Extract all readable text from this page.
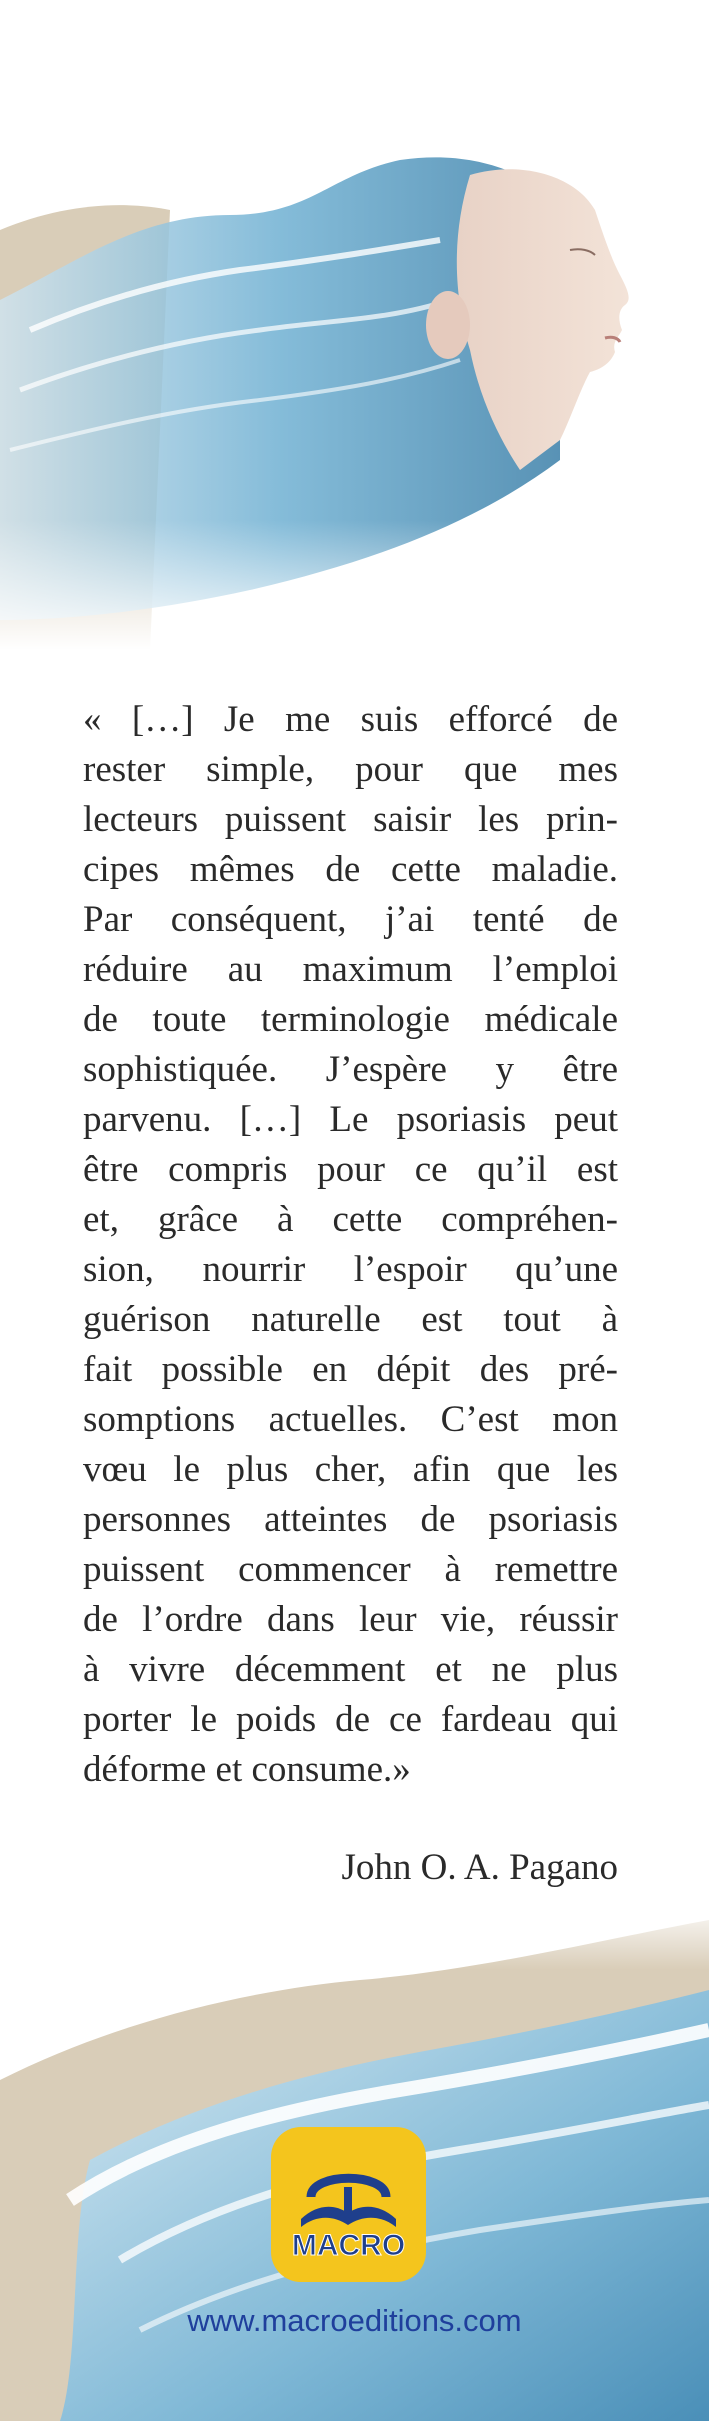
« […] Je me suis efforcé de
rester simple, pour que mes
lecteurs puissent saisir les prin-
cipes mêmes de cette maladie.
Par conséquent, j’ai tenté de
réduire au maximum l’emploi
de toute terminologie médicale
sophistiquée. J’espère y être
parvenu. […] Le psoriasis peut
être compris pour ce qu’il est
et, grâce à cette compréhen-
sion, nourrir l’espoir qu’une
guérison naturelle est tout à
fait possible en dépit des pré-
somptions actuelles. C’est mon
vœu le plus cher, afin que les
personnes atteintes de psoriasis
puissent commencer à remettre
de l’ordre dans leur vie, réussir
à vivre décemment et ne plus
porter le poids de ce fardeau qui
déforme et consume.»
John O. A. Pagano
MACRO
www.macroeditions.com
